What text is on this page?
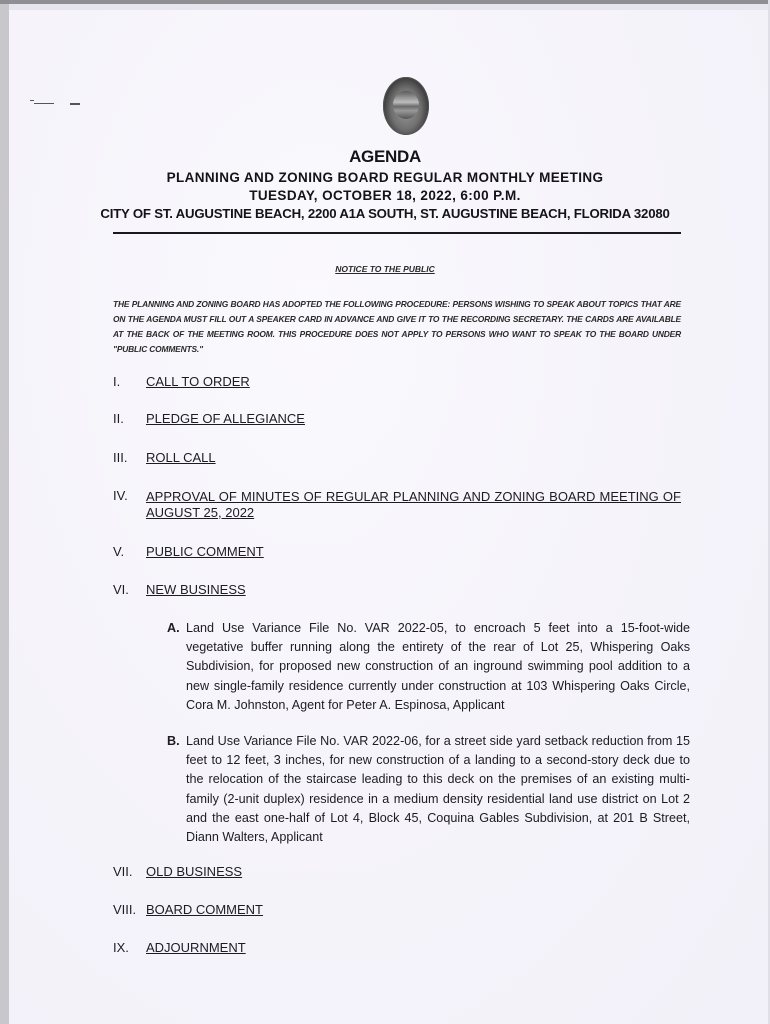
AGENDA
PLANNING AND ZONING BOARD REGULAR MONTHLY MEETING
TUESDAY, OCTOBER 18, 2022, 6:00 P.M.
CITY OF ST. AUGUSTINE BEACH, 2200 A1A SOUTH, ST. AUGUSTINE BEACH, FLORIDA 32080
NOTICE TO THE PUBLIC
THE PLANNING AND ZONING BOARD HAS ADOPTED THE FOLLOWING PROCEDURE: PERSONS WISHING TO SPEAK ABOUT TOPICS THAT ARE ON THE AGENDA MUST FILL OUT A SPEAKER CARD IN ADVANCE AND GIVE IT TO THE RECORDING SECRETARY. THE CARDS ARE AVAILABLE AT THE BACK OF THE MEETING ROOM. THIS PROCEDURE DOES NOT APPLY TO PERSONS WHO WANT TO SPEAK TO THE BOARD UNDER "PUBLIC COMMENTS."
I.	CALL TO ORDER
II.	PLEDGE OF ALLEGIANCE
III.	ROLL CALL
IV.	APPROVAL OF MINUTES OF REGULAR PLANNING AND ZONING BOARD MEETING OF
AUGUST 25, 2022
V.	PUBLIC COMMENT
VI.	NEW BUSINESS
A. Land Use Variance File No. VAR 2022-05, to encroach 5 feet into a 15-foot-wide vegetative buffer running along the entirety of the rear of Lot 25, Whispering Oaks Subdivision, for proposed new construction of an inground swimming pool addition to a new single-family residence currently under construction at 103 Whispering Oaks Circle, Cora M. Johnston, Agent for Peter A. Espinosa, Applicant
B. Land Use Variance File No. VAR 2022-06, for a street side yard setback reduction from 15 feet to 12 feet, 3 inches, for new construction of a landing to a second-story deck due to the relocation of the staircase leading to this deck on the premises of an existing multi-family (2-unit duplex) residence in a medium density residential land use district on Lot 2 and the east one-half of Lot 4, Block 45, Coquina Gables Subdivision, at 201 B Street, Diann Walters, Applicant
VII.	OLD BUSINESS
VIII. BOARD COMMENT
IX.	ADJOURNMENT
